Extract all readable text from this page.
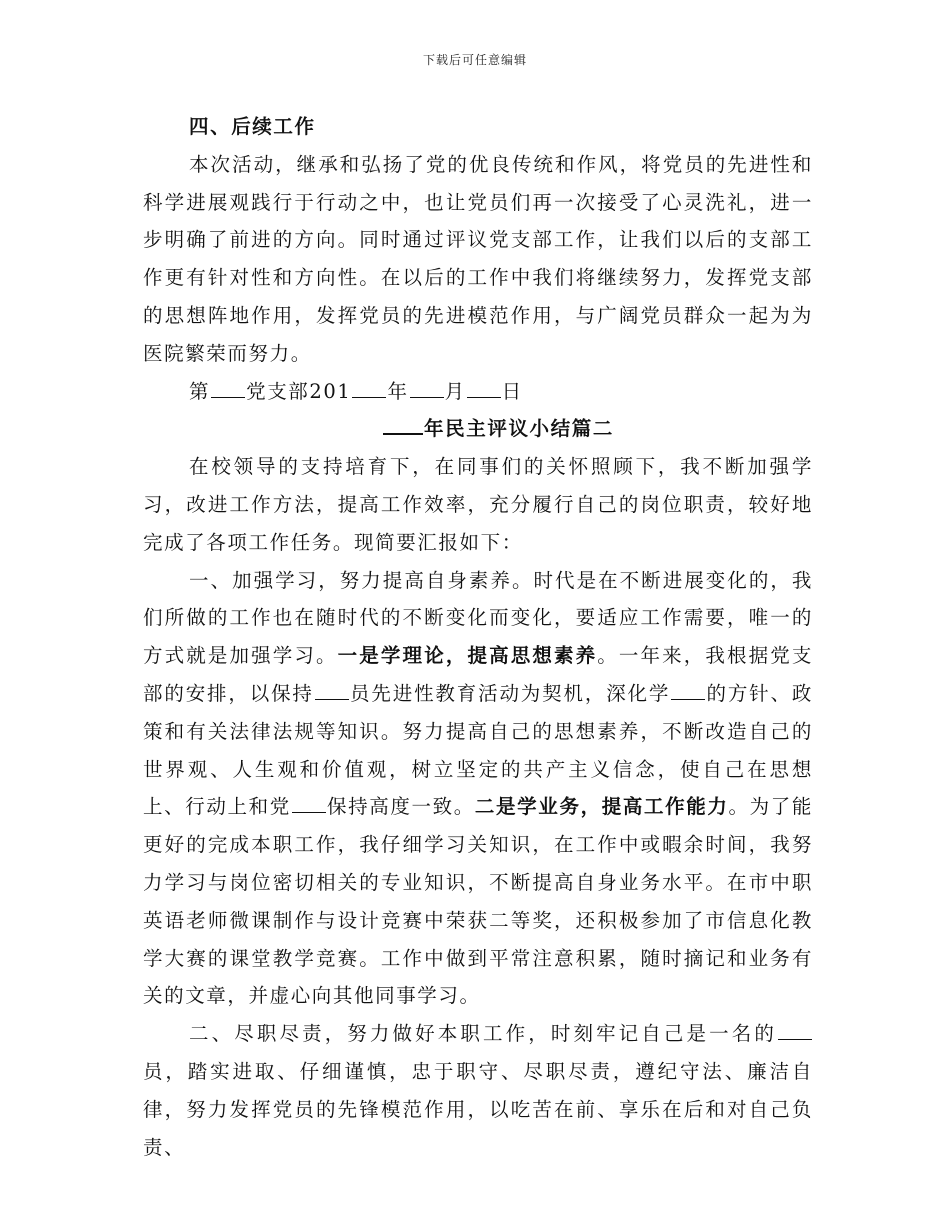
下载后可任意编辑

四、后续工作

本次活动，继承和弘扬了党的优良传统和作风，将党员的先进性和科学进展观践行于行动之中，也让党员们再一次接受了心灵洗礼，进一步明确了前进的方向。同时通过评议党支部工作，让我们以后的支部工作更有针对性和方向性。在以后的工作中我们将继续努力，发挥党支部的思想阵地作用，发挥党员的先进模范作用，与广阔党员群众一起为为医院繁荣而努力。

第 党支部201 年 月 日

年民主评议小结篇二

在校领导的支持培育下，在同事们的关怀照顾下，我不断加强学习，改进工作方法，提高工作效率，充分履行自己的岗位职责，较好地完成了各项工作任务。现简要汇报如下：

一、加强学习，努力提高自身素养。时代是在不断进展变化的，我们所做的工作也在随时代的不断变化而变化，要适应工作需要，唯一的方式就是加强学习。一是学理论，提高思想素养。一年来，我根据党支部的安排，以保持 员先进性教育活动为契机，深化学 的方针、政策和有关法律法规等知识。努力提高自己的思想素养，不断改造自己的世界观、人生观和价值观，树立坚定的共产主义信念，使自己在思想上、行动上和党 保持高度一致。二是学业务，提高工作能力。为了能更好的完成本职工作，我仔细学习关知识，在工作中或暇余时间，我努力学习与岗位密切相关的专业知识，不断提高自身业务水平。在市中职英语老师微课制作与设计竞赛中荣获二等奖，还积极参加了市信息化教学大赛的课堂教学竞赛。工作中做到平常注意积累，随时摘记和业务有关的文章，并虚心向其他同事学习。

二、尽职尽责，努力做好本职工作，时刻牢记自己是一名的员，踏实进取、仔细谨慎，忠于职守、尽职尽责，遵纪守法、廉洁自律，努力发挥党员的先锋模范作用，以吃苦在前、享乐在后和对自己负责、
